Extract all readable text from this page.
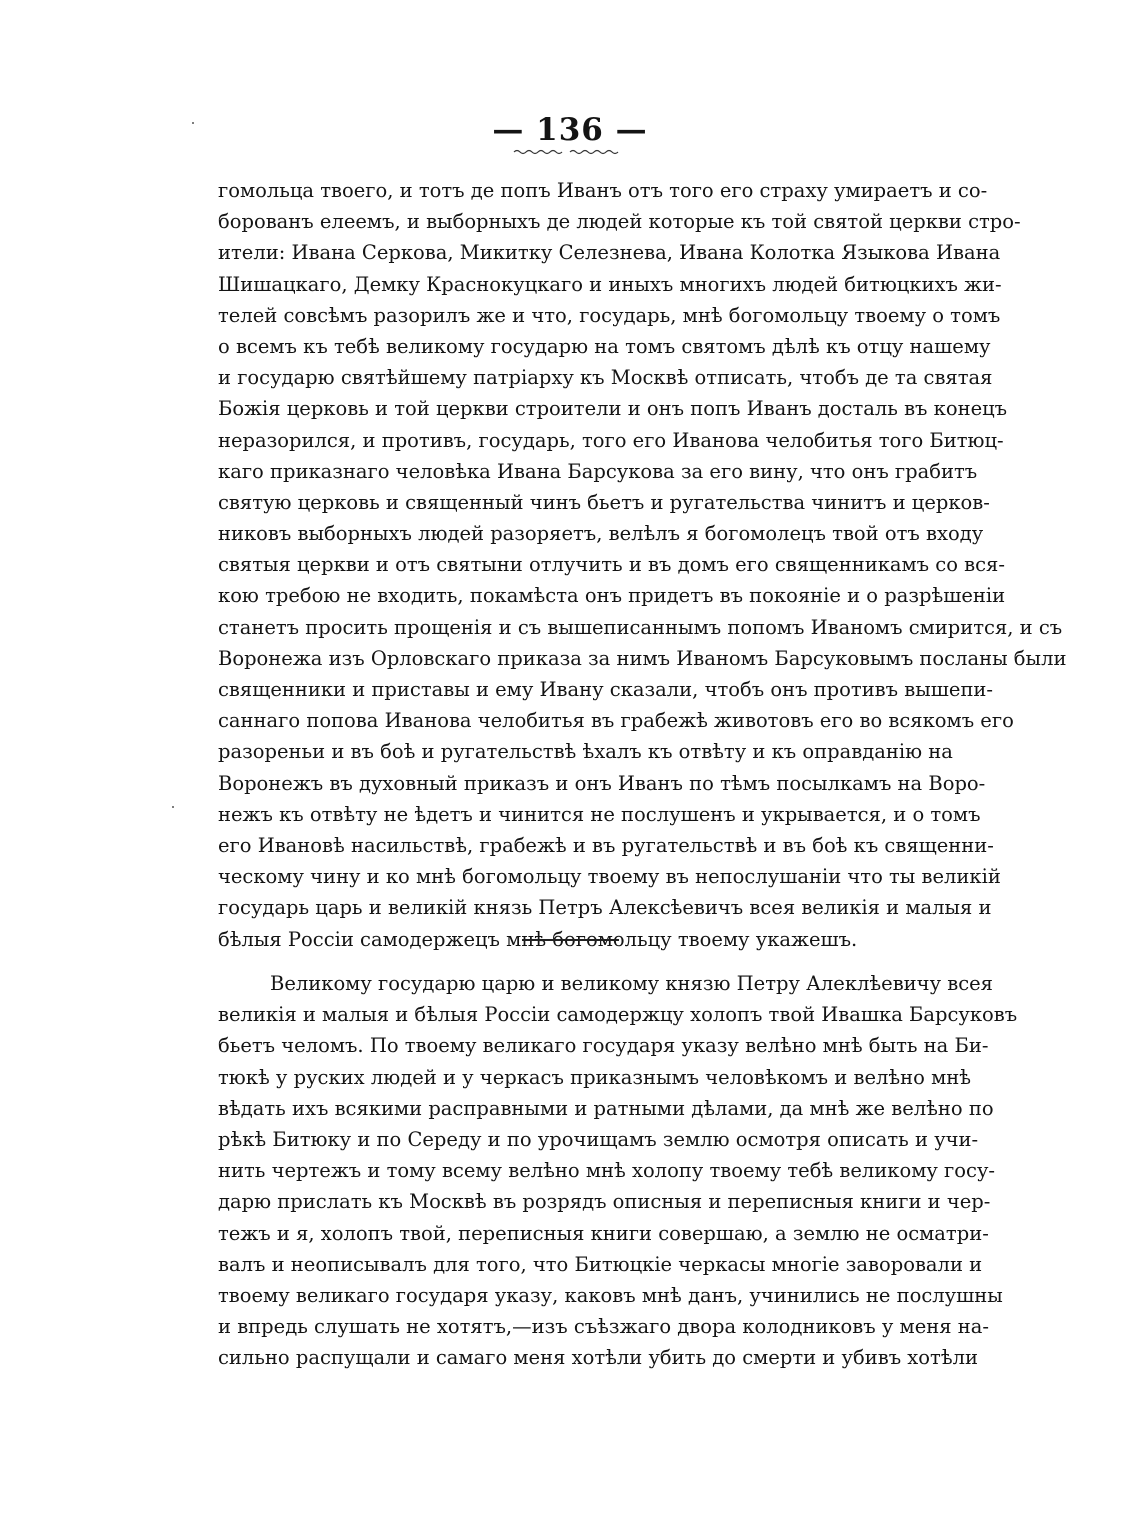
— 136 —
гомольца твоего, и тотъ де попъ Иванъ отъ того его страху умираетъ и со-
борованъ елеемъ, и выборныхъ де людей которые къ той святой церкви стро-
ители: Ивана Серкова, Микитку Селезнева, Ивана Колотка Языкова Ивана
Шишацкаго, Демку Краснокуцкаго и иныхъ многихъ людей битюцкихъ жи-
телей совсѣмъ разорилъ же и что, государь, мнѣ богомольцу твоему о томъ
о всемъ къ тебѣ великому государю на томъ святомъ дѣлѣ къ отцу нашему
и государю святѣйшему патріарху къ Москвѣ отписать, чтобъ де та святая
Божія церковь и той церкви строители и онъ попъ Иванъ досталь въ конецъ
неразорился, и противъ, государь, того его Иванова челобитья того Битюц-
каго приказнаго человѣка Ивана Барсукова за его вину, что онъ грабитъ
святую церковь и священный чинъ бьетъ и ругательства чинитъ и церков-
никовъ выборныхъ людей разоряетъ, велѣлъ я богомолецъ твой отъ входу
святыя церкви и отъ святыни отлучить и въ домъ его священникамъ со вся-
кою требою не входить, покамѣста онъ придетъ въ покояніе и о разрѣшеніи
станетъ просить прощенія и съ вышеписаннымъ попомъ Иваномъ смирится, и съ
Воронежа изъ Орловскаго приказа за нимъ Иваномъ Барсуковымъ посланы были
священники и приставы и ему Ивану сказали, чтобъ онъ противъ вышепи-
саннаго попова Иванова челобитья въ грабежѣ животовъ его во всякомъ его
разореньи и въ боѣ и ругательствѣ ѣхалъ къ отвѣту и къ оправданію на
Воронежъ въ духовный приказъ и онъ Иванъ по тѣмъ посылкамъ на Воро-
нежъ къ отвѣту не ѣдетъ и чинится не послушенъ и укрывается, и о томъ
его Ивановѣ насильствѣ, грабежѣ и въ ругательствѣ и въ боѣ къ священни-
ческому чину и ко мнѣ богомольцу твоему въ непослушаніи что ты великій
государь царь и великій князь Петръ Алексѣевичъ всея великія и малыя и
бѣлыя Россіи самодержецъ мнѣ богомольцу твоему укажешъ.
Великому государю царю и великому князю Петру Алеклѣевичу всея
великія и малыя и бѣлыя Россіи самодержцу холопъ твой Ивашка Барсуковъ
бьетъ челомъ. По твоему великаго государя указу велѣно мнѣ быть на Би-
тюкѣ у руских людей и у черкасъ приказнымъ человѣкомъ и велѣно мнѣ
вѣдать ихъ всякими расправными и ратными дѣлами, да мнѣ же велѣно по
рѣкѣ Битюку и по Середу и по урочищамъ землю осмотря описать и учи-
нить чертежъ и тому всему велѣно мнѣ холопу твоему тебѣ великому госу-
дарю прислать къ Москвѣ въ розрядъ описныя и переписныя книги и чер-
тежъ и я, холопъ твой, переписныя книги совершаю, а землю не осматри-
валъ и неописывалъ для того, что Битюцкіе черкасы многіе заворовали и
твоему великаго государя указу, каковъ мнѣ данъ, учинились не послушны
и впредь слушать не хотятъ,—изъ съѣзжаго двора колодниковъ у меня на-
сильно распущали и самаго меня хотѣли убить до смерти и убивъ хотѣли
